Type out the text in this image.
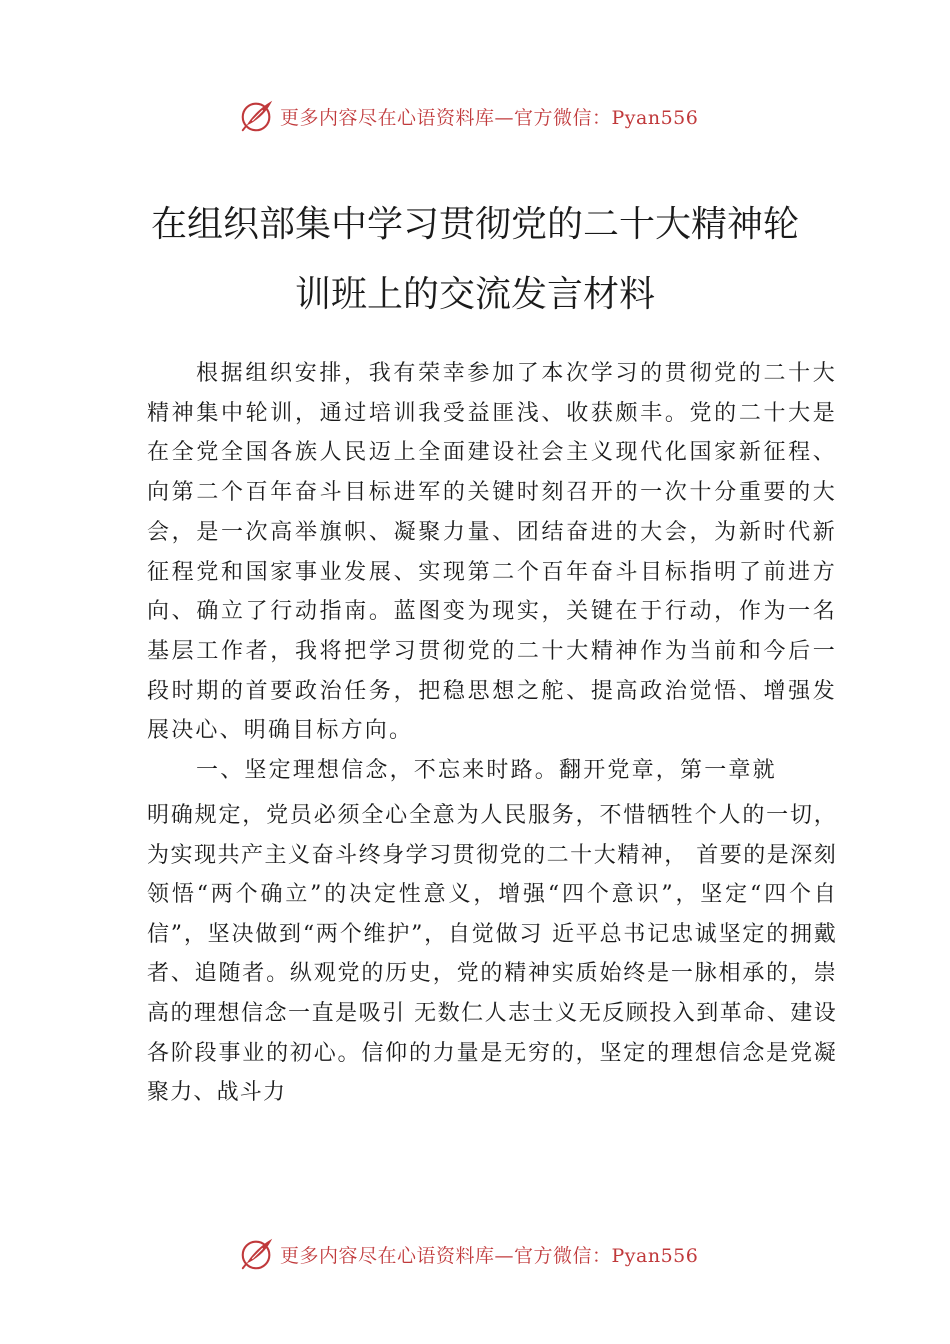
更多内容尽在心语资料库—官方微信：Pyan556
在组织部集中学习贯彻党的二十大精神轮
训班上的交流发言材料

根据组织安排，我有荣幸参加了本次学习的贯彻党的二十大精神集中轮训，通过培训我受益匪浅、收获颇丰。党的二十大是在全党全国各族人民迈上全面建设社会主义现代化国家新征程、向第二个百年奋斗目标进军的关键时刻召开的一次十分重要的大会，是一次高举旗帜、凝聚力量、团结奋进的大会，为新时代新征程党和国家事业发展、实现第二个百年奋斗目标指明了前进方向、确立了行动指南。蓝图变为现实，关键在于行动，作为一名基层工作者，我将把学习贯彻党的二十大精神作为当前和今后一段时期的首要政治任务，把稳思想之舵、提高政治觉悟、增强发展决心、明确目标方向。

一、坚定理想信念，不忘来时路。翻开党章，第一章就

明确规定，党员必须全心全意为人民服务，不惜牺牲个人的一切，为实现共产主义奋斗终身学习贯彻党的二十大精神， 首要的是深刻领悟“两个确立”的决定性意义，增强“四个意识”，坚定“四个自信”，坚决做到“两个维护”，自觉做习 近平总书记忠诚坚定的拥戴者、追随者。纵观党的历史，党的精神实质始终是一脉相承的，崇高的理想信念一直是吸引 无数仁人志士义无反顾投入到革命、建设各阶段事业的初心。信仰的力量是无穷的，坚定的理想信念是党凝聚力、战斗力

更多内容尽在心语资料库—官方微信：Pyan556
